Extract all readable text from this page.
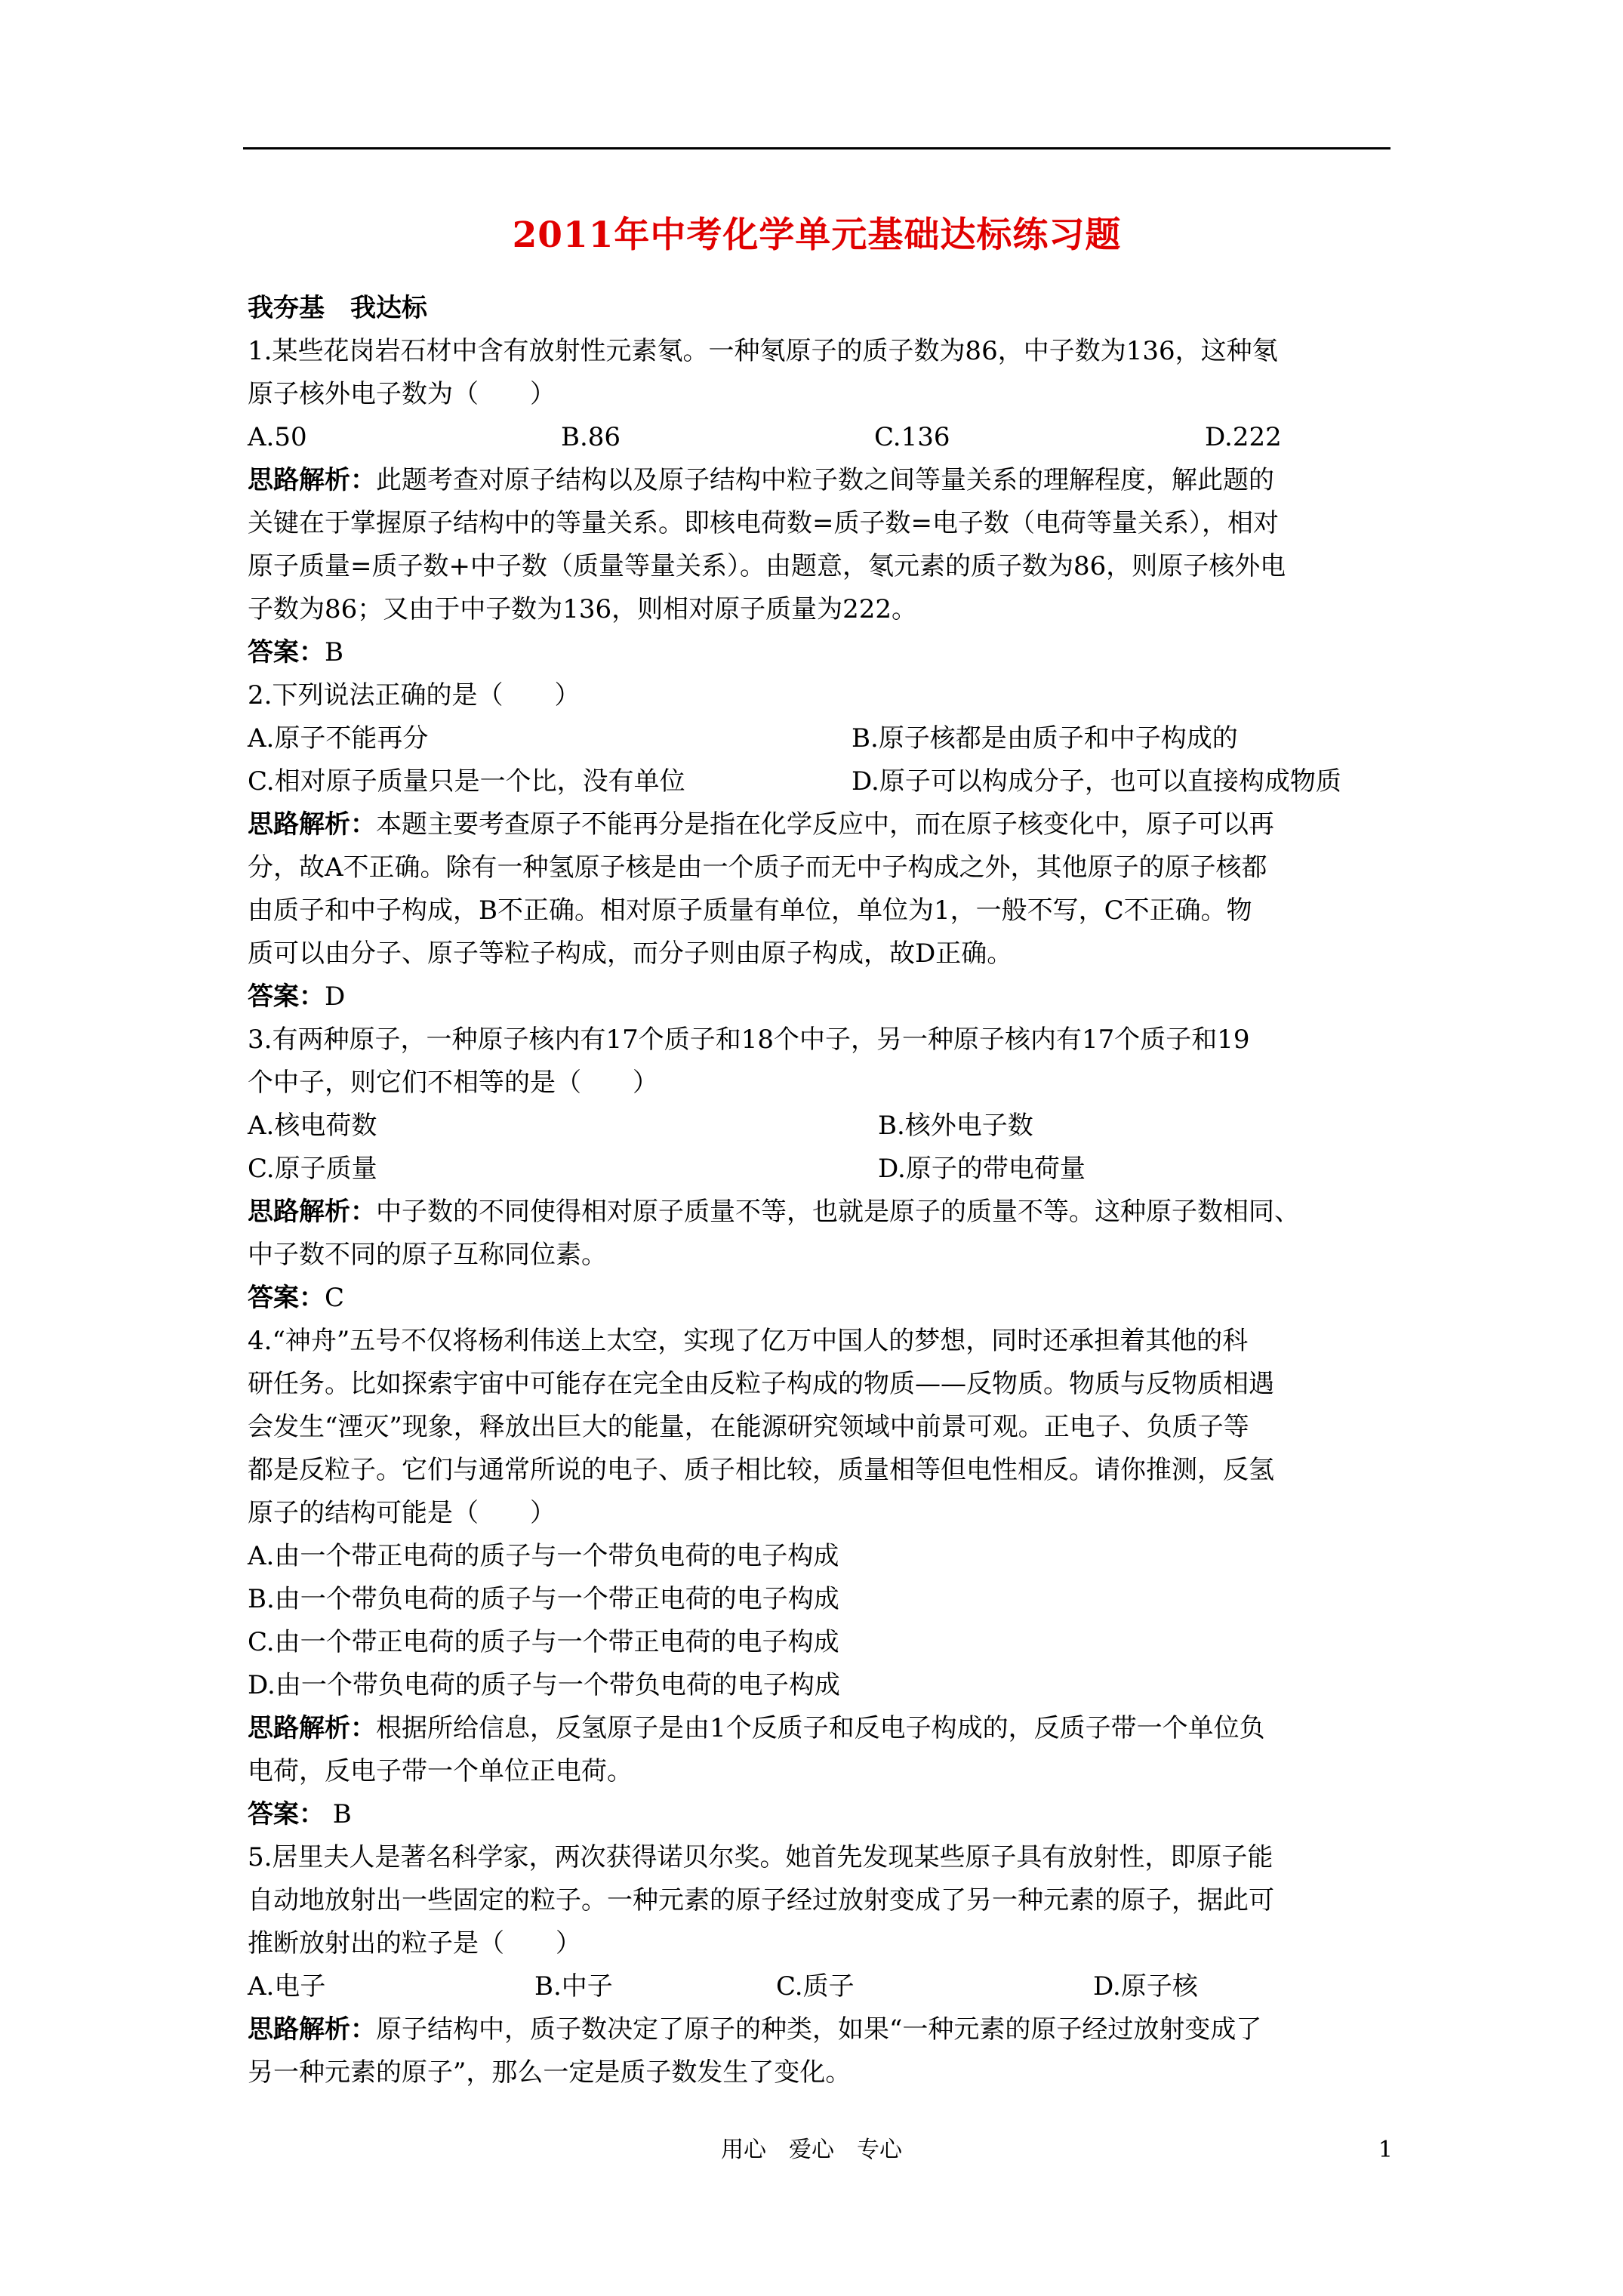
2011年中考化学单元基础达标练习题
我夯基　我达标
1.某些花岗岩石材中含有放射性元素氡。一种氡原子的质子数为86，中子数为136，这种氡
原子核外电子数为（　　）
A.50	B.86	C.136	D.222
思路解析：此题考查对原子结构以及原子结构中粒子数之间等量关系的理解程度，解此题的
关键在于掌握原子结构中的等量关系。即核电荷数=质子数=电子数（电荷等量关系），相对
原子质量=质子数+中子数（质量等量关系）。由题意，氡元素的质子数为86，则原子核外电
子数为86；又由于中子数为136，则相对原子质量为222。
答案：B
2.下列说法正确的是（　　）
A.原子不能再分	B.原子核都是由质子和中子构成的
C.相对原子质量只是一个比，没有单位	D.原子可以构成分子，也可以直接构成物质
思路解析：本题主要考查原子不能再分是指在化学反应中，而在原子核变化中，原子可以再
分，故A不正确。除有一种氢原子核是由一个质子而无中子构成之外，其他原子的原子核都
由质子和中子构成，B不正确。相对原子质量有单位，单位为1，一般不写，C不正确。物
质可以由分子、原子等粒子构成，而分子则由原子构成，故D正确。
答案：D
3.有两种原子，一种原子核内有17个质子和18个中子，另一种原子核内有17个质子和19
个中子，则它们不相等的是（　　）
A.核电荷数	B.核外电子数
C.原子质量	D.原子的带电荷量
思路解析：中子数的不同使得相对原子质量不等，也就是原子的质量不等。这种原子数相同、
中子数不同的原子互称同位素。
答案：C
4.“神舟”五号不仅将杨利伟送上太空，实现了亿万中国人的梦想，同时还承担着其他的科
研任务。比如探索宇宙中可能存在完全由反粒子构成的物质——反物质。物质与反物质相遇
会发生“湮灭”现象，释放出巨大的能量，在能源研究领域中前景可观。正电子、负质子等
都是反粒子。它们与通常所说的电子、质子相比较，质量相等但电性相反。请你推测，反氢
原子的结构可能是（　　）
A.由一个带正电荷的质子与一个带负电荷的电子构成
B.由一个带负电荷的质子与一个带正电荷的电子构成
C.由一个带正电荷的质子与一个带正电荷的电子构成
D.由一个带负电荷的质子与一个带负电荷的电子构成
思路解析：根据所给信息，反氢原子是由1个反质子和反电子构成的，反质子带一个单位负
电荷，反电子带一个单位正电荷。
答案： B
5.居里夫人是著名科学家，两次获得诺贝尔奖。她首先发现某些原子具有放射性，即原子能
自动地放射出一些固定的粒子。一种元素的原子经过放射变成了另一种元素的原子，据此可
推断放射出的粒子是（　　）
A.电子	B.中子	C.质子	D.原子核
思路解析：原子结构中，质子数决定了原子的种类，如果“一种元素的原子经过放射变成了
另一种元素的原子”，那么一定是质子数发生了变化。
用心　爱心　专心	1
